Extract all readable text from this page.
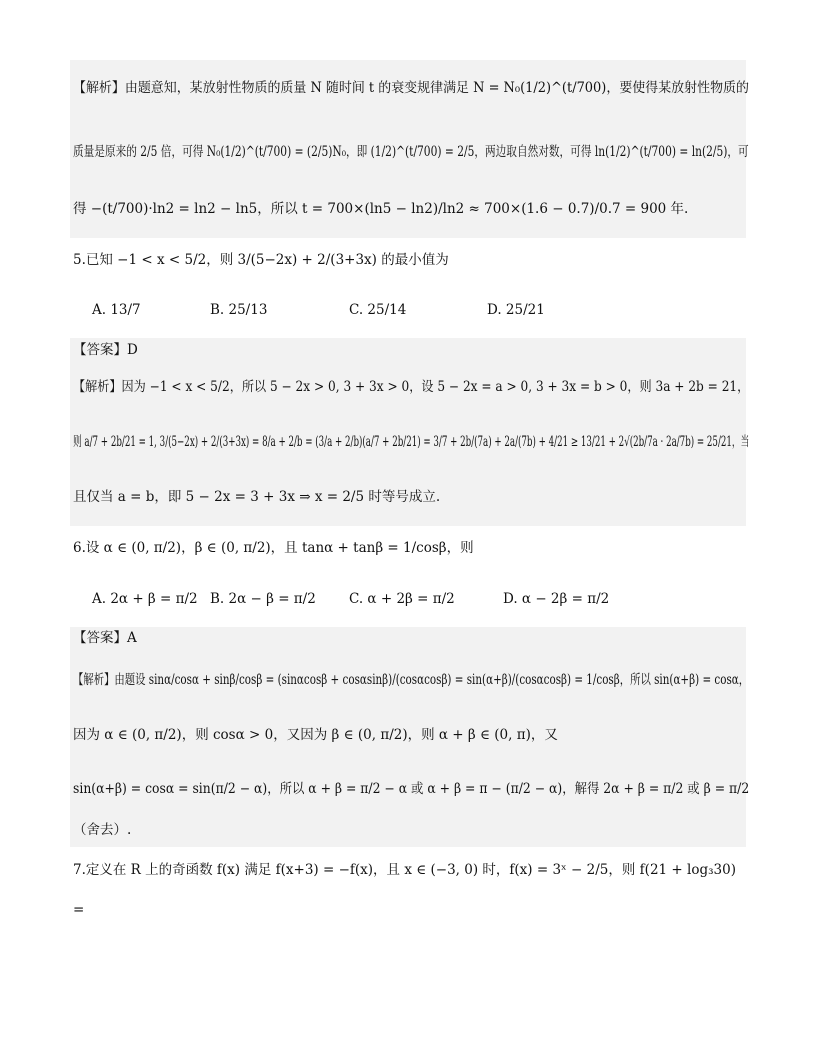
【解析】由题意知，某放射性物质的质量 N 随时间 t 的衰变规律满足 N = N₀(1/2)^(t/700)，要使得某放射性物质的
质量是原来的 2/5 倍，可得 N₀(1/2)^(t/700) = (2/5)N₀，即 (1/2)^(t/700) = 2/5，两边取自然对数，可得 ln(1/2)^(t/700) = ln(2/5)，可
得 −(t/700)·ln2 = ln2 − ln5，所以 t = 700×(ln5 − ln2)/ln2 ≈ 700×(1.6 − 0.7)/0.7 = 900 年.
5.已知 −1 < x < 5/2，则 3/(5−2x) + 2/(3+3x) 的最小值为
A. 13/7	B. 25/13	C. 25/14	D. 25/21
【答案】D
【解析】因为 −1 < x < 5/2，所以 5 − 2x > 0, 3 + 3x > 0，设 5 − 2x = a > 0, 3 + 3x = b > 0，则 3a + 2b = 21，
则 a/7 + 2b/21 = 1, 3/(5−2x) + 2/(3+3x) = 8/a + 2/b = (3/a + 2/b)(a/7 + 2b/21) = 3/7 + 2b/(7a) + 2a/(7b) + 4/21 ≥ 13/21 + 2√(2b/7a · 2a/7b) = 25/21，当
且仅当 a = b，即 5 − 2x = 3 + 3x ⇒ x = 2/5 时等号成立.
6.设 α ∈ (0, π/2)，β ∈ (0, π/2)，且 tanα + tanβ = 1/cosβ，则
A. 2α + β = π/2 B. 2α − β = π/2 C. α + 2β = π/2	D. α − 2β = π/2
【答案】A
【解析】由题设 sinα/cosα + sinβ/cosβ = (sinαcosβ + cosαsinβ)/(cosαcosβ) = sin(α+β)/(cosαcosβ) = 1/cosβ，所以 sin(α+β) = cosα，
因为 α ∈ (0, π/2)，则 cosα > 0，又因为 β ∈ (0, π/2)，则 α + β ∈ (0, π)，又
sin(α+β) = cosα = sin(π/2 − α)，所以 α + β = π/2 − α 或 α + β = π − (π/2 − α)，解得 2α + β = π/2 或 β = π/2
（舍去）.
7.定义在 R 上的奇函数 f(x) 满足 f(x+3) = −f(x)，且 x ∈ (−3, 0) 时，f(x) = 3ˣ − 2/5，则 f(21 + log₃30)
=
